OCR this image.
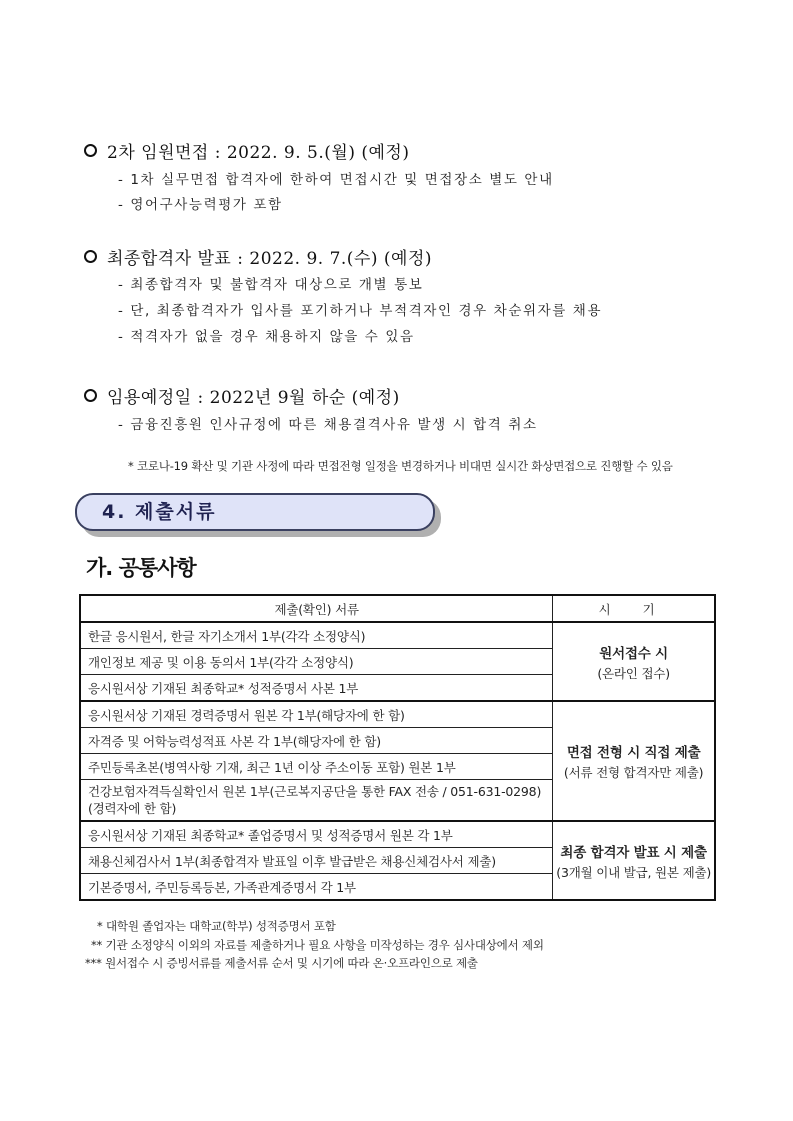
2차 임원면접 : 2022. 9. 5.(월) (예정)
- 1차 실무면접 합격자에 한하여 면접시간 및 면접장소 별도 안내
- 영어구사능력평가 포함
최종합격자 발표 : 2022. 9. 7.(수) (예정)
- 최종합격자 및 불합격자 대상으로 개별 통보
- 단, 최종합격자가 입사를 포기하거나 부적격자인 경우 차순위자를 채용
- 적격자가 없을 경우 채용하지 않을 수 있음
임용예정일 : 2022년 9월 하순 (예정)
- 금융진흥원 인사규정에 따른 채용결격사유 발생 시 합격 취소
* 코로나-19 확산 및 기관 사정에 따라 면접전형 일정을 변경하거나 비대면 실시간 화상면접으로 진행할 수 있음
4. 제출서류
가. 공통사항
제출(확인) 서류	시 기
한글 응시원서, 한글 자기소개서 1부(각각 소정양식)	원서접수 시
(온라인 접수)

개인정보 제공 및 이용 동의서 1부(각각 소정양식)	
응시원서상 기재된 최종학교* 성적증명서 사본 1부	
응시원서상 기재된 경력증명서 원본 각 1부(해당자에 한 함)	면접 전형 시 직접 제출
(서류 전형 합격자만 제출)

자격증 및 어학능력성적표 사본 각 1부(해당자에 한 함)	
주민등록초본(병역사항 기재, 최근 1년 이상 주소이동 포함) 원본 1부	
건강보험자격득실확인서 원본 1부(근로복지공단을 통한 FAX 전송 / 051-631-0298) (경력자에 한 함)	
응시원서상 기재된 최종학교* 졸업증명서 및 성적증명서 원본 각 1부	최종 합격자 발표 시 제출
(3개월 이내 발급, 원본 제출)

채용신체검사서 1부(최종합격자 발표일 이후 발급받은 채용신체검사서 제출)	
기본증명서, 주민등록등본, 가족관계증명서 각 1부	
* 대학원 졸업자는 대학교(학부) 성적증명서 포함
** 기관 소정양식 이외의 자료를 제출하거나 필요 사항을 미작성하는 경우 심사대상에서 제외
*** 원서접수 시 증빙서류를 제출서류 순서 및 시기에 따라 온·오프라인으로 제출
